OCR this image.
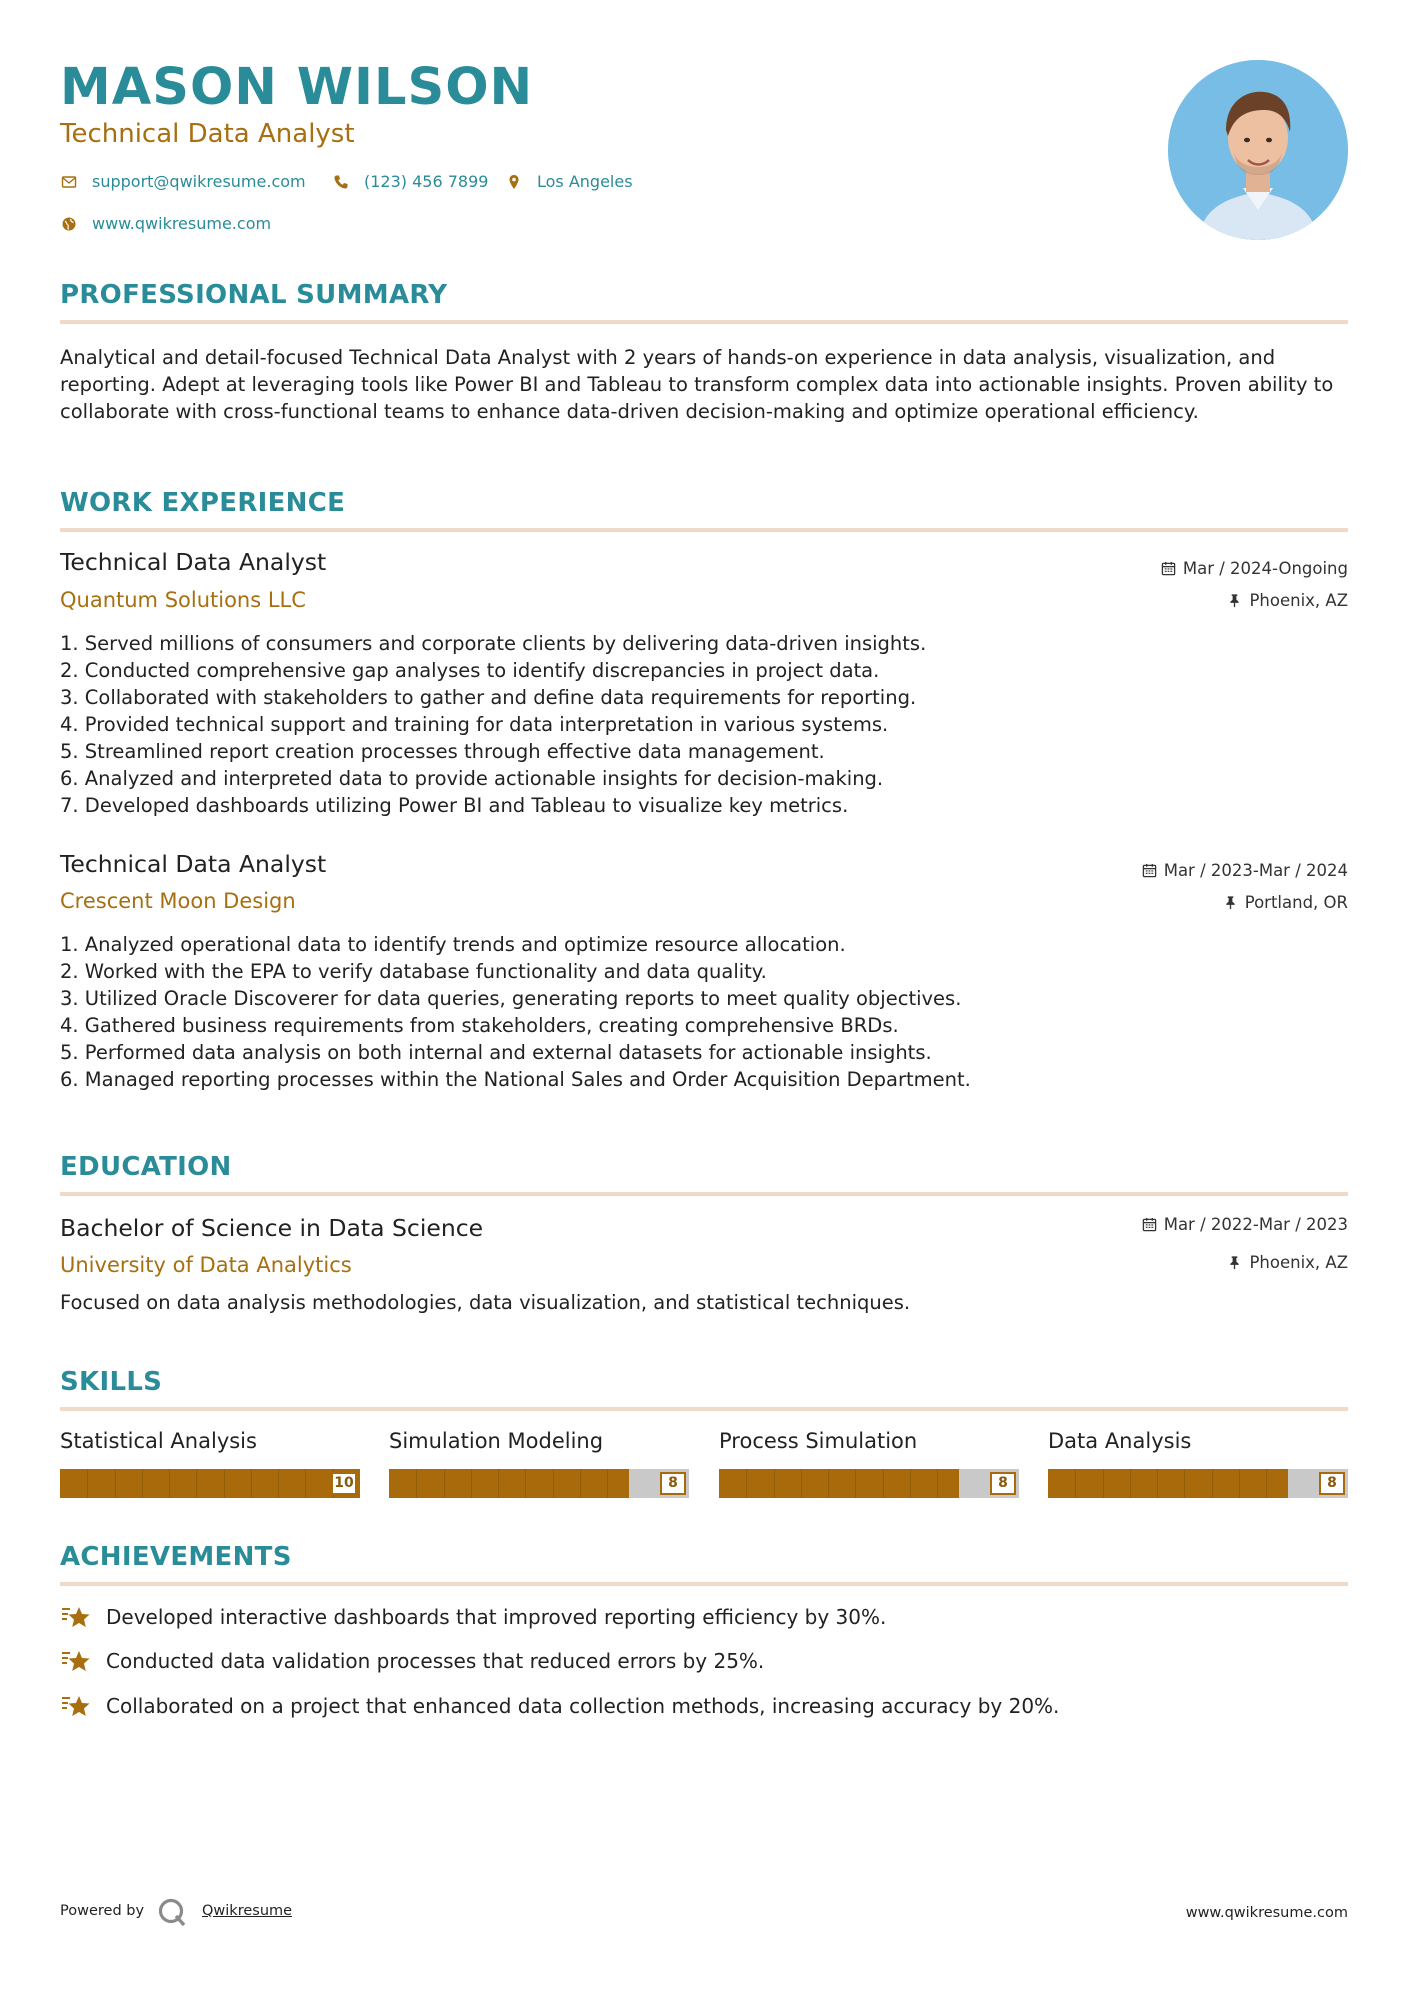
MASON WILSON
Technical Data Analyst
support@qwikresume.com	(123) 456 7899	Los Angeles
www.qwikresume.com
PROFESSIONAL SUMMARY
Analytical and detail-focused Technical Data Analyst with 2 years of hands-on experience in data analysis, visualization, and reporting. Adept at leveraging tools like Power BI and Tableau to transform complex data into actionable insights. Proven ability to collaborate with cross-functional teams to enhance data-driven decision-making and optimize operational efficiency.
WORK EXPERIENCE
Technical Data Analyst
Quantum Solutions LLC
Mar / 2024-Ongoing
Phoenix, AZ
1. Served millions of consumers and corporate clients by delivering data-driven insights.
2. Conducted comprehensive gap analyses to identify discrepancies in project data.
3. Collaborated with stakeholders to gather and define data requirements for reporting.
4. Provided technical support and training for data interpretation in various systems.
5. Streamlined report creation processes through effective data management.
6. Analyzed and interpreted data to provide actionable insights for decision-making.
7. Developed dashboards utilizing Power BI and Tableau to visualize key metrics.
Technical Data Analyst
Crescent Moon Design
Mar / 2023-Mar / 2024
Portland, OR
1. Analyzed operational data to identify trends and optimize resource allocation.
2. Worked with the EPA to verify database functionality and data quality.
3. Utilized Oracle Discoverer for data queries, generating reports to meet quality objectives.
4. Gathered business requirements from stakeholders, creating comprehensive BRDs.
5. Performed data analysis on both internal and external datasets for actionable insights.
6. Managed reporting processes within the National Sales and Order Acquisition Department.
EDUCATION
Bachelor of Science in Data Science
University of Data Analytics
Mar / 2022-Mar / 2023
Phoenix, AZ
Focused on data analysis methodologies, data visualization, and statistical techniques.
SKILLS
Statistical Analysis
10
Simulation Modeling
8
Process Simulation
8
Data Analysis
8
ACHIEVEMENTS
Developed interactive dashboards that improved reporting efficiency by 30%.
Conducted data validation processes that reduced errors by 25%.
Collaborated on a project that enhanced data collection methods, increasing accuracy by 20%.
Powered by	Qwikresume	www.qwikresume.com
